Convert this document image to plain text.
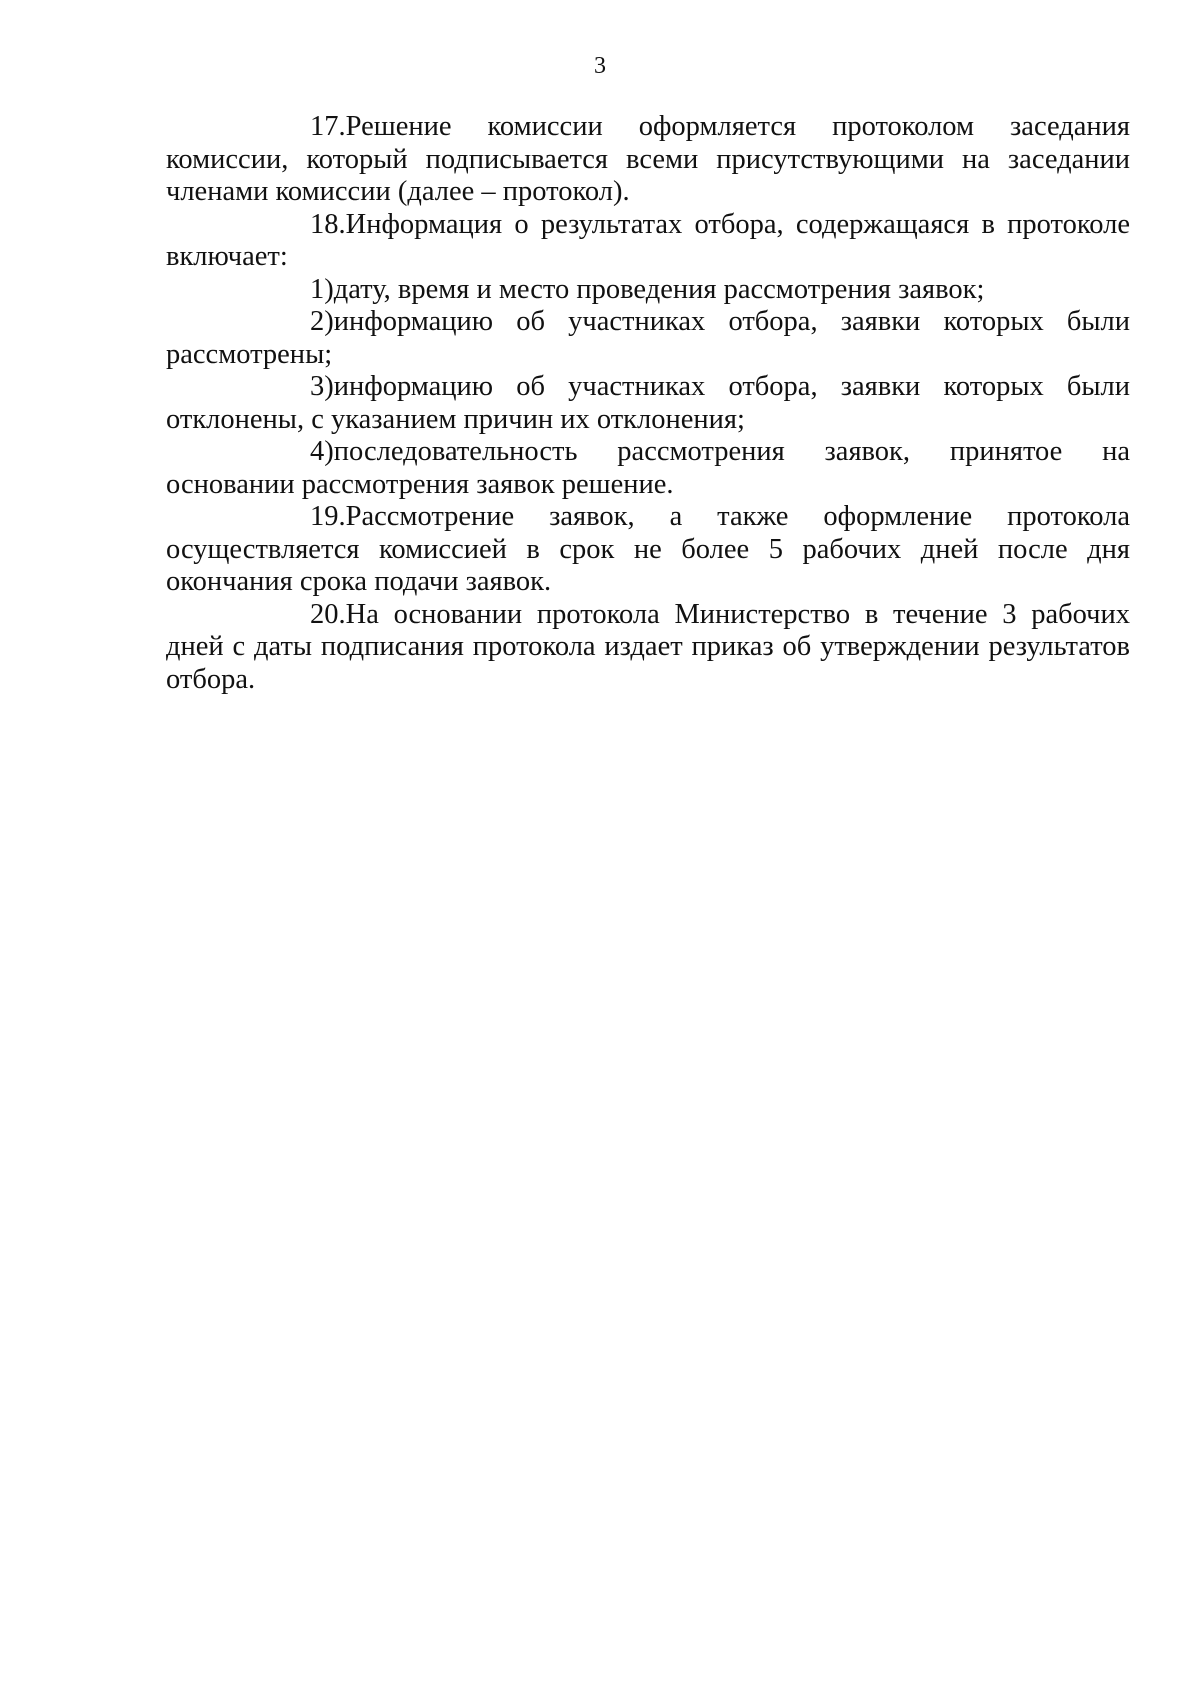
3

17.Решение комиссии оформляется протоколом заседания комиссии, который подписывается всеми присутствующими на заседании членами комиссии (далее – протокол).

18.Информация о результатах отбора, содержащаяся в протоколе включает:

1)дату, время и место проведения рассмотрения заявок;

2)информацию об участниках отбора, заявки которых были рассмотрены;

3)информацию об участниках отбора, заявки которых были отклонены, с указанием причин их отклонения;

4)последовательность рассмотрения заявок, принятое на основании рассмотрения заявок решение.

19.Рассмотрение заявок, а также оформление протокола осуществляется комиссией в срок не более 5 рабочих дней после дня окончания срока подачи заявок.

20.На основании протокола Министерство в течение 3 рабочих дней с даты подписания протокола издает приказ об утверждении результатов отбора.
